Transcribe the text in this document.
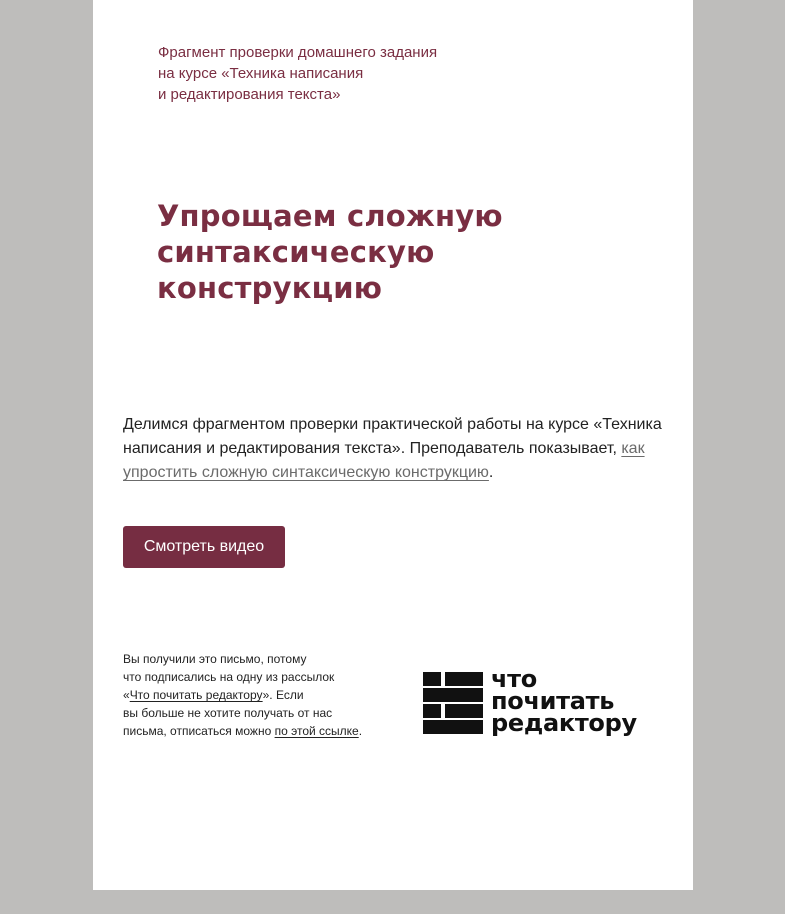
Фрагмент проверки домашнего задания
на курсе «Техника написания
и редактирования текста»

Упрощаем сложную
синтаксическую
конструкцию

Делимся фрагментом проверки практической работы на курсе «Техника написания и редактирования текста». Преподаватель показывает, как упростить сложную синтаксическую конструкцию.

Смотреть видео

Вы получили это письмо, потому
что подписались на одну из рассылок
«Что почитать редактору». Если
вы больше не хотите получать от нас
письма, отписаться можно по этой ссылке.

что
почитать
редактору
